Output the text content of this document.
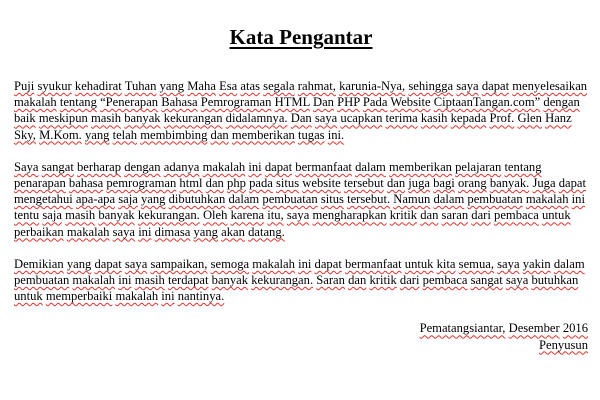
Kata Pengantar

Puji syukur kehadirat Tuhan yang Maha Esa atas segala rahmat, karunia-Nya, sehingga saya dapat menyelesaikan makalah tentang “Penerapan Bahasa Pemrograman HTML Dan PHP Pada Website CiptaanTangan.com” dengan baik meskipun masih banyak kekurangan didalamnya. Dan saya ucapkan terima kasih kepada Prof. Glen Hanz Sky, M.Kom. yang telah membimbing dan memberikan tugas ini.

Saya sangat berharap dengan adanya makalah ini dapat bermanfaat dalam memberikan pelajaran tentang penarapan bahasa pemrograman html dan php pada situs website tersebut dan juga bagi orang banyak. Juga dapat mengetahui apa-apa saja yang dibutuhkan dalam pembuatan situs tersebut. Namun dalam pembuatan makalah ini tentu saja masih banyak kekurangan. Oleh karena itu, saya mengharapkan kritik dan saran dari pembaca untuk perbaikan makalah saya ini dimasa yang akan datang.

Demikian yang dapat saya sampaikan, semoga makalah ini dapat bermanfaat untuk kita semua, saya yakin dalam pembuatan makalah ini masih terdapat banyak kekurangan. Saran dan kritik dari pembaca sangat saya butuhkan untuk memperbaiki makalah ini nantinya.

Pematangsiantar, Desember 2016
Penyusun
